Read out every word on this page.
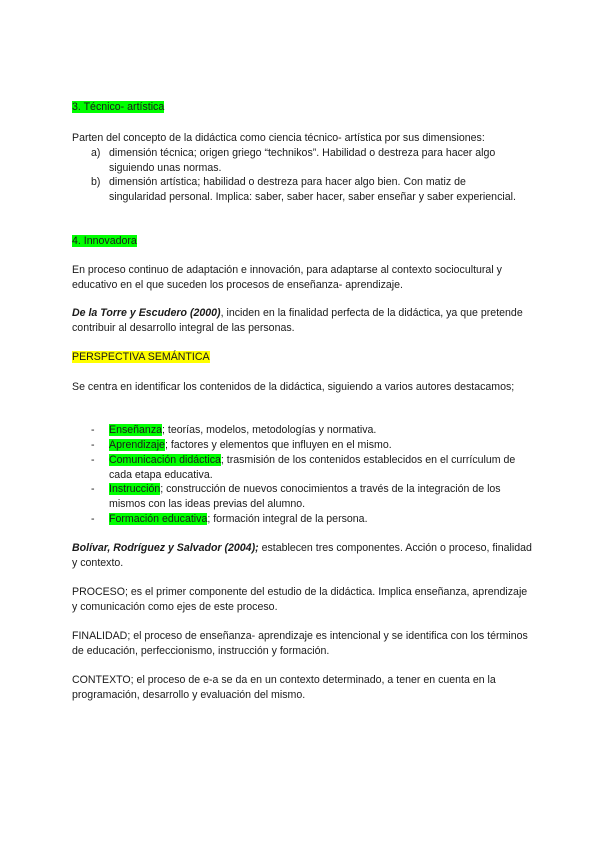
3. Técnico- artística

Parten del concepto de la didáctica como ciencia técnico- artística por sus dimensiones:

a) dimensión técnica; origen griego “technikos”. Habilidad o destreza para hacer algo siguiendo unas normas.
b) dimensión artística; habilidad o destreza para hacer algo bien. Con matiz de singularidad personal. Implica: saber, saber hacer, saber enseñar y saber experiencial.

4. Innovadora

En proceso continuo de adaptación e innovación, para adaptarse al contexto sociocultural y educativo en el que suceden los procesos de enseñanza- aprendizaje.

De la Torre y Escudero (2000), inciden en la finalidad perfecta de la didáctica, ya que pretende contribuir al desarrollo integral de las personas.

PERSPECTIVA SEMÁNTICA

Se centra en identificar los contenidos de la didáctica, siguiendo a varios autores destacamos;

-	Enseñanza; teorías, modelos, metodologías y normativa.
-	Aprendizaje; factores y elementos que influyen en el mismo.
-	Comunicación didáctica; trasmisión de los contenidos establecidos en el currículum de cada etapa educativa.
-	Instrucción; construcción de nuevos conocimientos a través de la integración de los mismos con las ideas previas del alumno.
-	Formación educativa; formación integral de la persona.

Bolívar, Rodríguez y Salvador (2004); establecen tres componentes. Acción o proceso, finalidad y contexto.

PROCESO; es el primer componente del estudio de la didáctica. Implica enseñanza, aprendizaje y comunicación como ejes de este proceso.

FINALIDAD; el proceso de enseñanza- aprendizaje es intencional y se identifica con los términos de educación, perfeccionismo, instrucción y formación.

CONTEXTO; el proceso de e-a se da en un contexto determinado, a tener en cuenta en la programación, desarrollo y evaluación del mismo.
